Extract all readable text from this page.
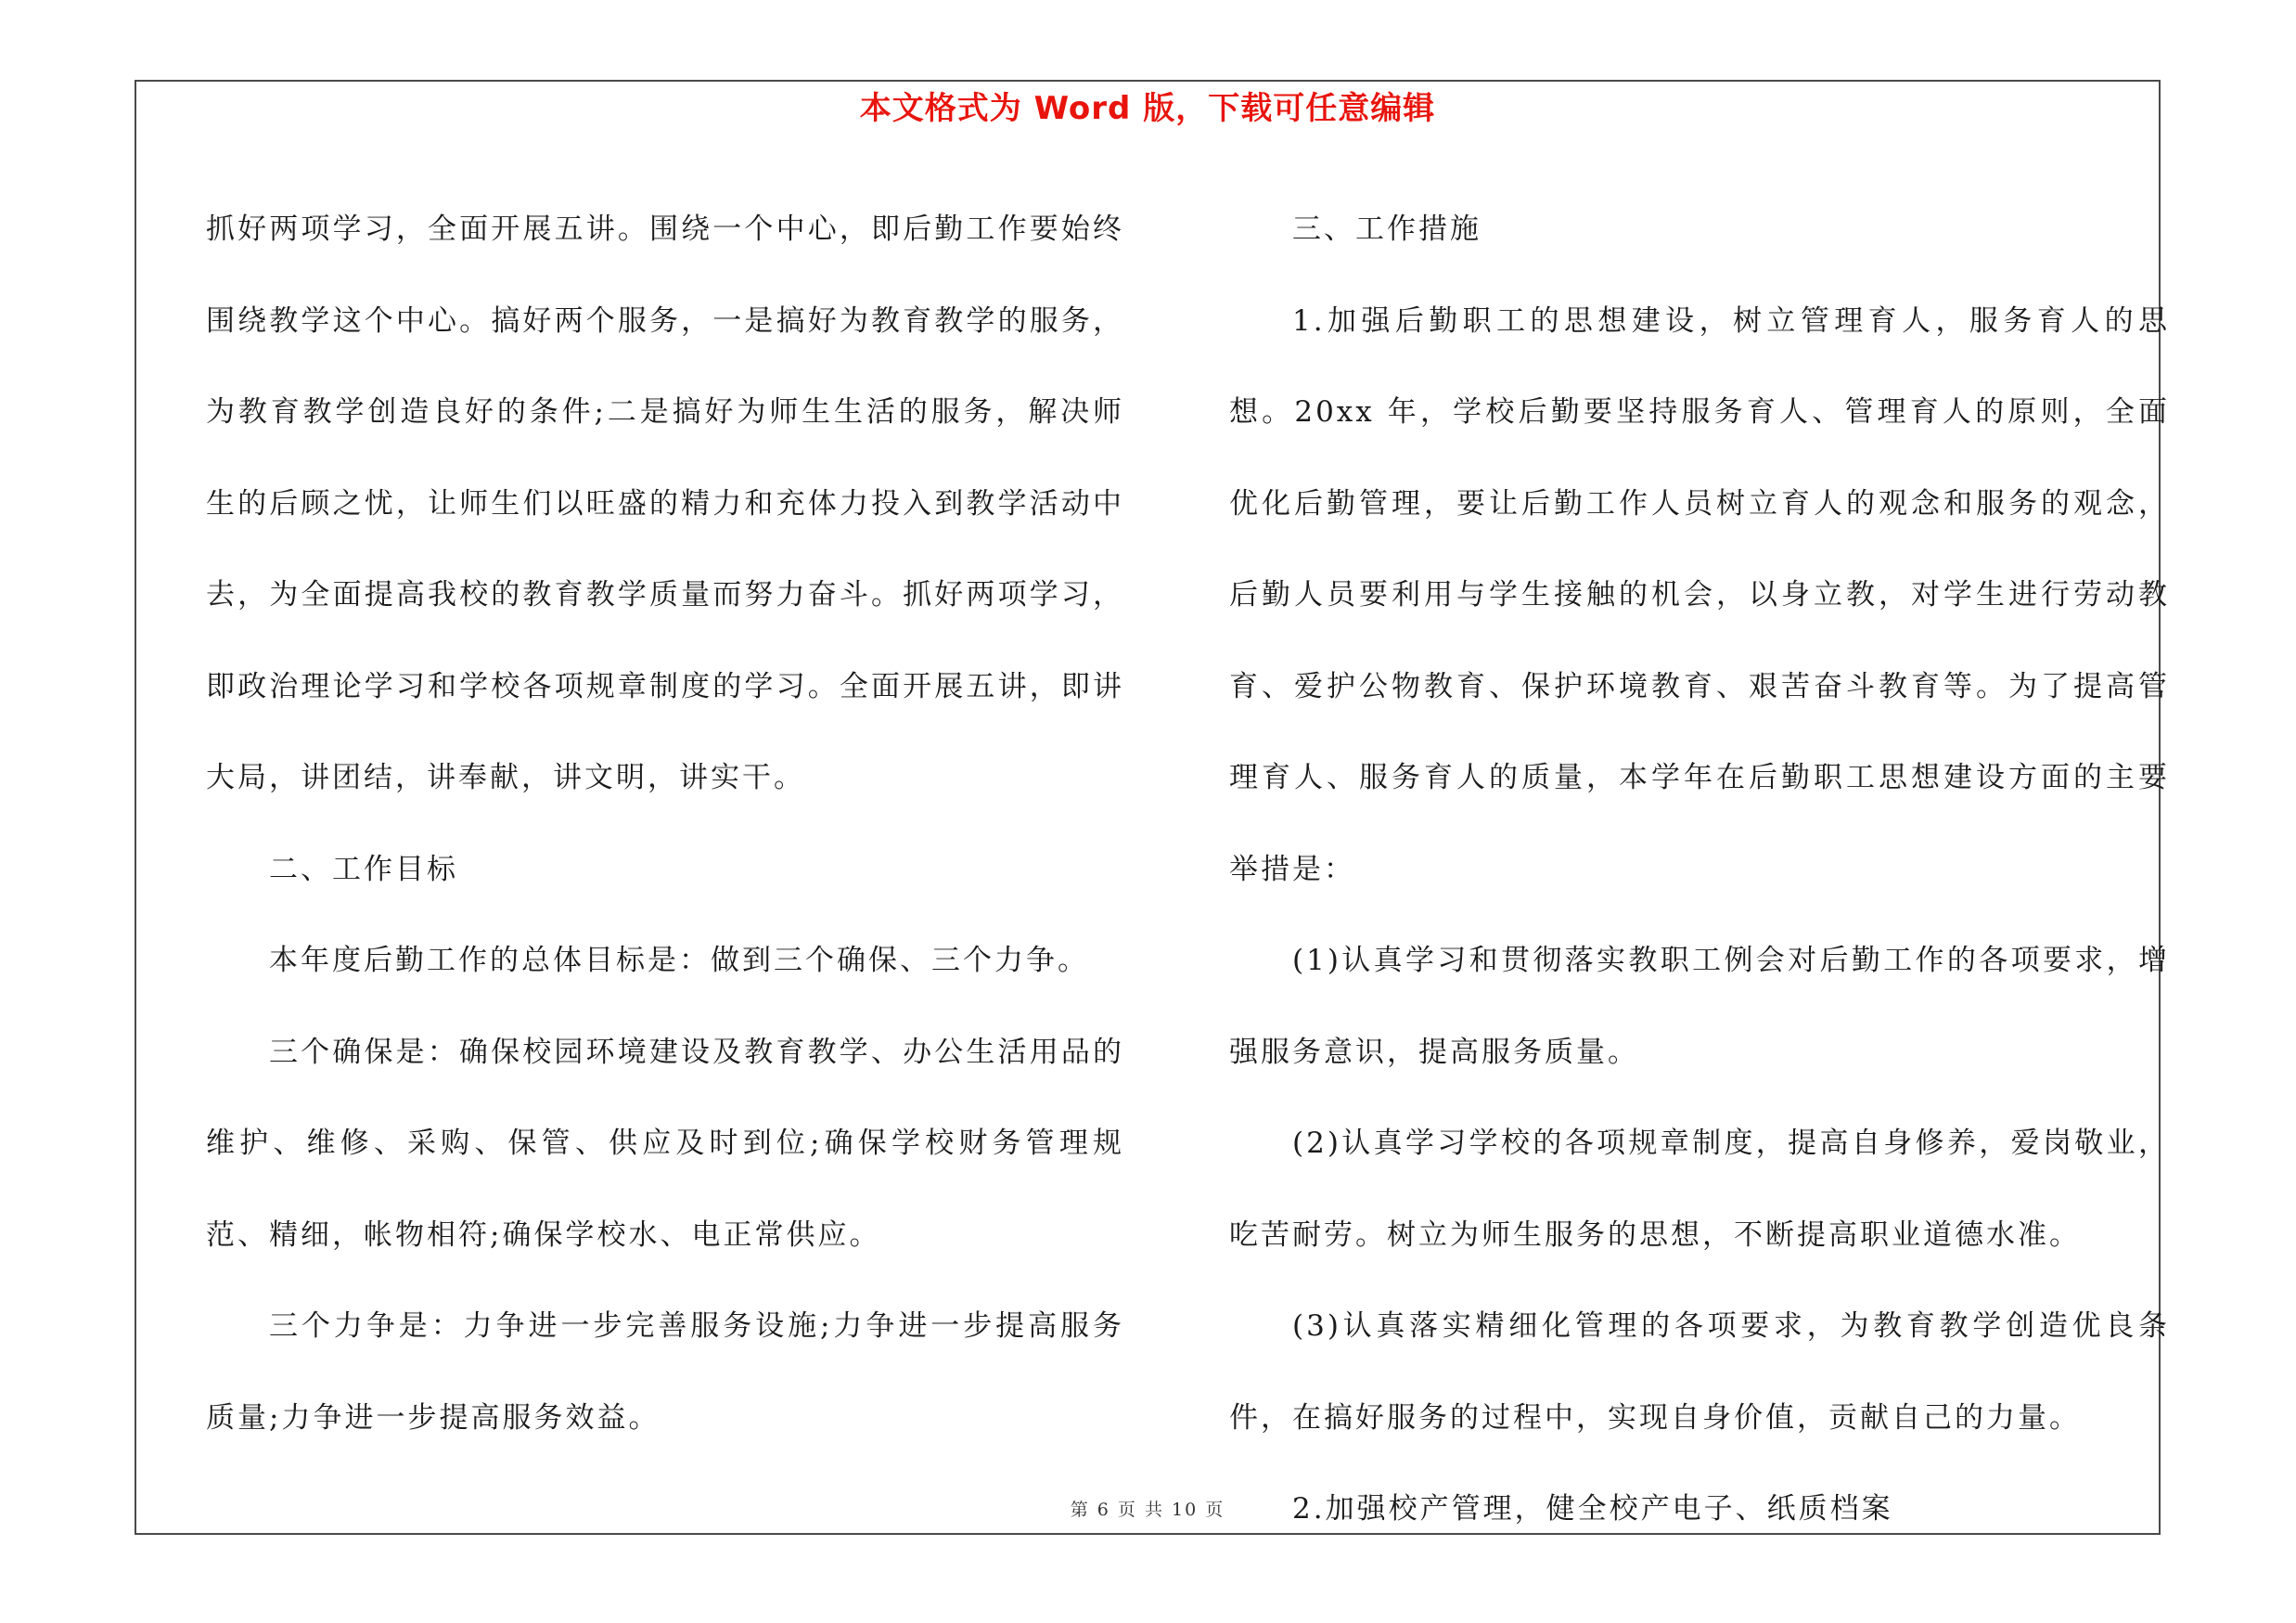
本文格式为 Word 版，下载可任意编辑

抓好两项学习，全面开展五讲。围绕一个中心，即后勤工作要始终围绕教学这个中心。搞好两个服务，一是搞好为教育教学的服务，为教育教学创造良好的条件;二是搞好为师生生活的服务，解决师生的后顾之忧，让师生们以旺盛的精力和充体力投入到教学活动中去，为全面提高我校的教育教学质量而努力奋斗。抓好两项学习，即政治理论学习和学校各项规章制度的学习。全面开展五讲，即讲大局，讲团结，讲奉献，讲文明，讲实干。

二、工作目标

本年度后勤工作的总体目标是：做到三个确保、三个力争。

三个确保是：确保校园环境建设及教育教学、办公生活用品的维护、维修、采购、保管、供应及时到位;确保学校财务管理规范、精细，帐物相符;确保学校水、电正常供应。

三个力争是：力争进一步完善服务设施;力争进一步提高服务质量;力争进一步提高服务效益。

三、工作措施

1.加强后勤职工的思想建设，树立管理育人，服务育人的思想。20xx 年，学校后勤要坚持服务育人、管理育人的原则，全面优化后勤管理，要让后勤工作人员树立育人的观念和服务的观念，后勤人员要利用与学生接触的机会，以身立教，对学生进行劳动教育、爱护公物教育、保护环境教育、艰苦奋斗教育等。为了提高管理育人、服务育人的质量，本学年在后勤职工思想建设方面的主要举措是：

(1)认真学习和贯彻落实教职工例会对后勤工作的各项要求，增强服务意识，提高服务质量。

(2)认真学习学校的各项规章制度，提高自身修养，爱岗敬业，吃苦耐劳。树立为师生服务的思想，不断提高职业道德水准。

(3)认真落实精细化管理的各项要求，为教育教学创造优良条件，在搞好服务的过程中，实现自身价值，贡献自己的力量。

2.加强校产管理，健全校产电子、纸质档案

第 6 页 共 10 页
